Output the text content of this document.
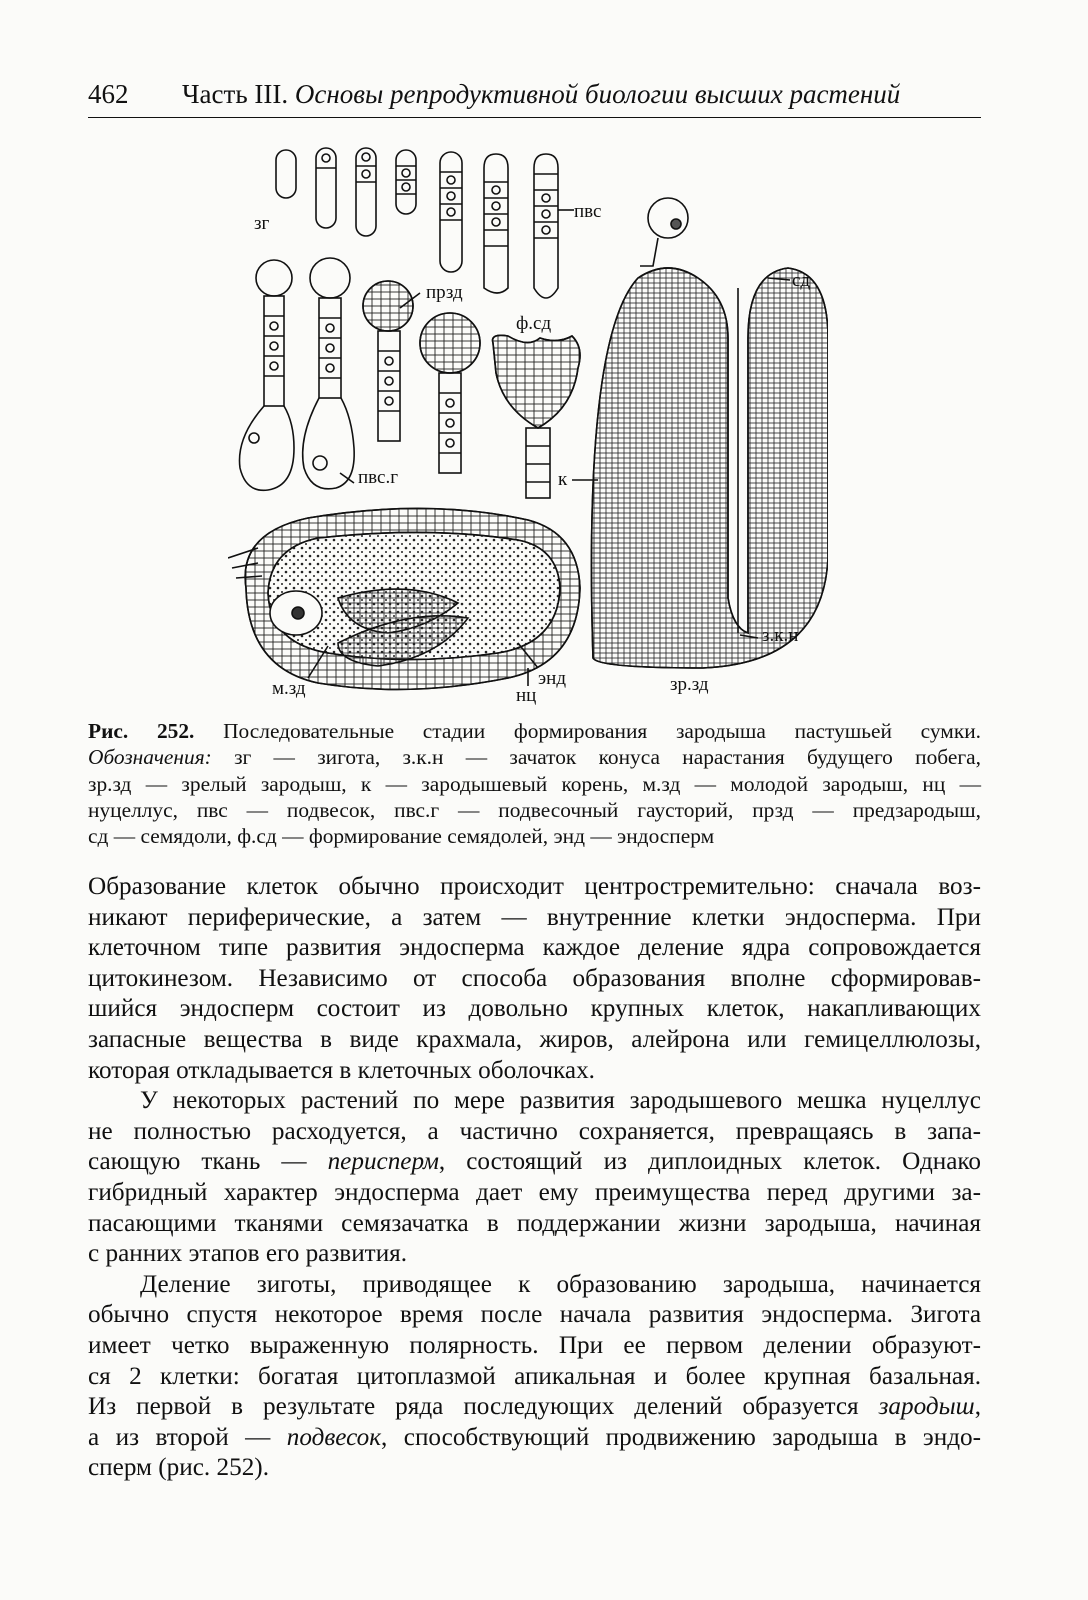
462 Часть III. Основы репродуктивной биологии высших растений
зг
пвс
прзд
сд
ф.сд
пвс.г	к
з.к.н
м.зд	энд
нц
зр.зд
Рис. 252. Последовательные стадии формирования зародыша пастушьей сумки.
Обозначения: зг — зигота, з.к.н — зачаток конуса нарастания будущего побега,
зр.зд — зрелый зародыш, к — зародышевый корень, м.зд — молодой зародыш, нц —
нуцеллус, пвс — подвесок, пвс.г — подвесочный гаусторий, прзд — предзародыш,
сд — семядоли, ф.сд — формирование семядолей, энд — эндосперм
Образование клеток обычно происходит центростремительно: сначала воз-
никают периферические, а затем — внутренние клетки эндосперма. При
клеточном типе развития эндосперма каждое деление ядра сопровождается
цитокинезом. Независимо от способа образования вполне сформировав-
шийся эндосперм состоит из довольно крупных клеток, накапливающих
запасные вещества в виде крахмала, жиров, алейрона или гемицеллюлозы,
которая откладывается в клеточных оболочках.
У некоторых растений по мере развития зародышевого мешка нуцеллус
не полностью расходуется, а частично сохраняется, превращаясь в запа-
сающую ткань — перисперм, состоящий из диплоидных клеток. Однако
гибридный характер эндосперма дает ему преимущества перед другими за-
пасающими тканями семязачатка в поддержании жизни зародыша, начиная
с ранних этапов его развития.
Деление зиготы, приводящее к образованию зародыша, начинается
обычно спустя некоторое время после начала развития эндосперма. Зигота
имеет четко выраженную полярность. При ее первом делении образуют-
ся 2 клетки: богатая цитоплазмой апикальная и более крупная базальная.
Из первой в результате ряда последующих делений образуется зародыш,
а из второй — подвесок, способствующий продвижению зародыша в эндо-
сперм (рис. 252).
